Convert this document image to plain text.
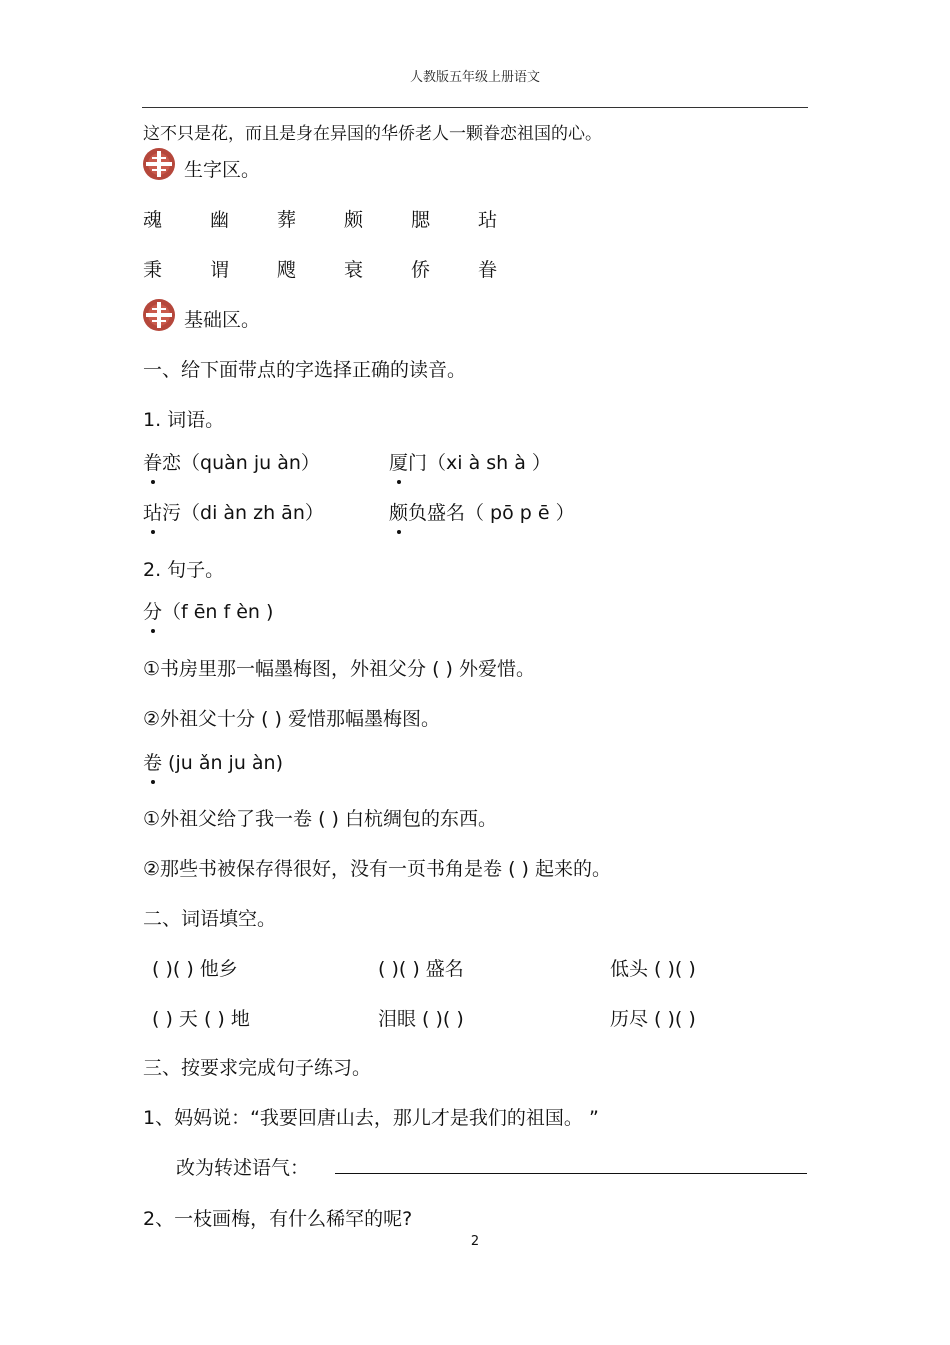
人教版五年级上册语文
这不只是花，而且是身在异国的华侨老人一颗眷恋祖国的心。
生字区。
魂	幽	葬	颇	腮	玷
秉	谓	飕	衰	侨	眷
基础区。
一、给下面带点的字选择正确的读音。
1. 词语。
眷恋（quàn ju àn）	厦门（xi à sh à ）
玷污（di àn zh ān）	颇负盛名（ pō p ē ）
2. 句子。
分（f ēn f èn )
①书房里那一幅墨梅图，外祖父分 ( ) 外爱惜。
②外祖父十分 ( ) 爱惜那幅墨梅图。
卷 (ju ǎn ju àn)
①外祖父给了我一卷 ( ) 白杭绸包的东西。
②那些书被保存得很好，没有一页书角是卷 ( ) 起来的。
二、词语填空。
( )( ) 他乡	( )( ) 盛名	低头 ( )( )
( ) 天 ( ) 地	泪眼 ( )( )	历尽 ( )( )
三、按要求完成句子练习。
1、妈妈说：“我要回唐山去，那儿才是我们的祖国。 ”
改为转述语气：
2、一枝画梅，有什么稀罕的呢?
2
